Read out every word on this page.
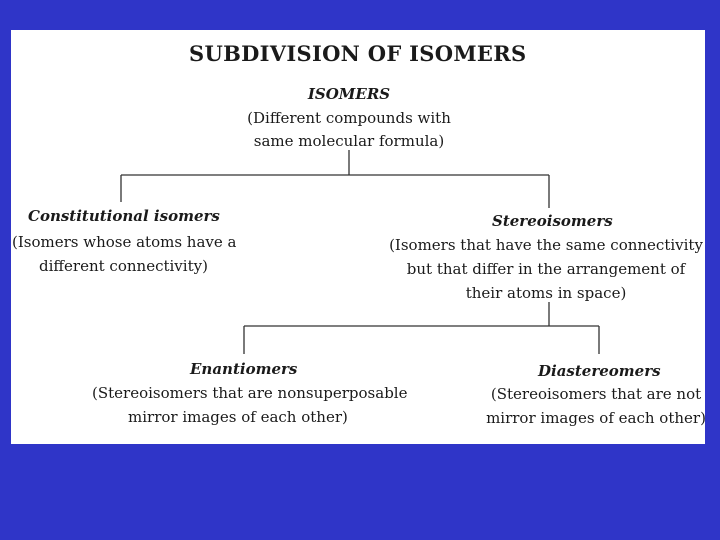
SUBDIVISION OF ISOMERS
ISOMERS
(Different compounds with
same molecular formula)
Constitutional isomers
(Isomers whose atoms have a
different connectivity)
Stereoisomers
(Isomers that have the same connectivity
but that differ in the arrangement of
their atoms in space)
Enantiomers
(Stereoisomers that are nonsuperposable
mirror images of each other)
Diastereomers
(Stereoisomers that are not
mirror images of each other)
